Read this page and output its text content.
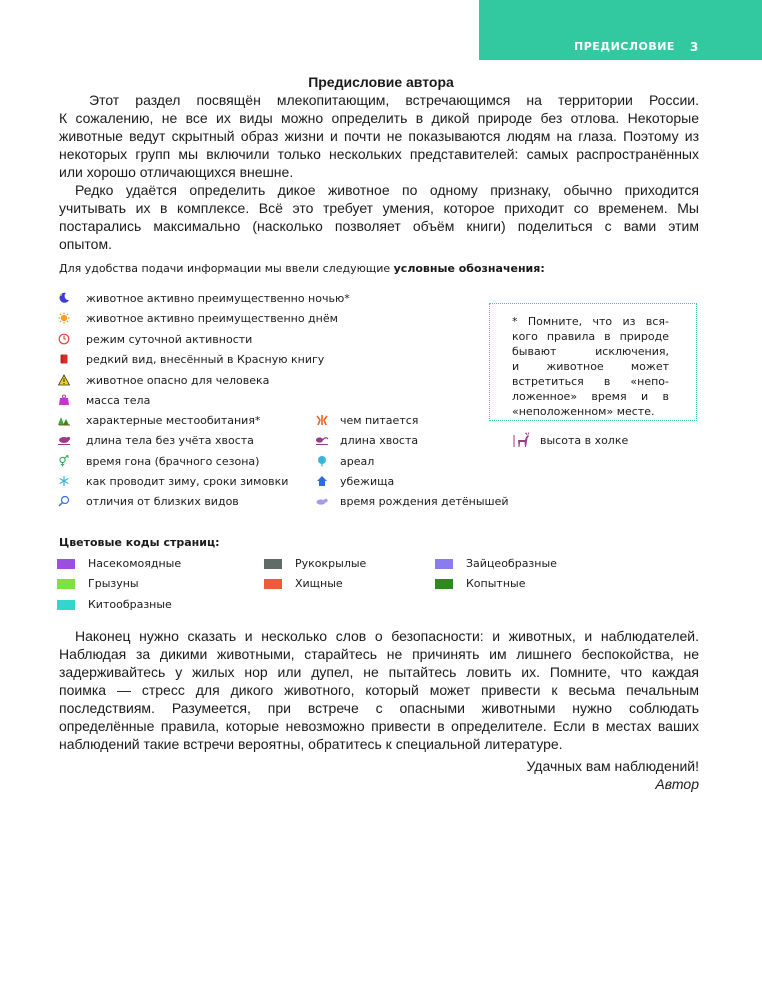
ПРЕДИСЛОВИЕ 3
Предисловие автора
Этот раздел посвящён млекопитающим, встречающимся на территории России.
К сожалению, не все их виды можно определить в дикой природе без отлова. Некоторые
животные ведут скрытный образ жизни и почти не показываются людям на глаза. Поэтому из
некоторых групп мы включили только нескольких представителей: самых распространённых
или хорошо отличающихся внешне.
Редко удаётся определить дикое животное по одному признаку, обычно приходится
учитывать их в комплексе. Всё это требует умения, которое приходит со временем. Мы
постарались максимально (насколько позволяет объём книги) поделиться с вами этим
опытом.
Для удобства подачи информации мы ввели следующие условные обозначения:
животное активно преимущественно ночью*
животное активно преимущественно днём
режим суточной активности
редкий вид, внесённый в Красную книгу
животное опасно для человека
масса тела
характерные местообитания*
длина тела без учёта хвоста
время гона (брачного сезона)
как проводит зиму, сроки зимовки
отличия от близких видов
чем питается
длина хвоста
ареал
убежища
время рождения детёнышей
высота в холке
* Помните, что из вся-
кого правила в природе
бывают исключения,
и животное может
встретиться в «непо-
ложенное» время и в
«неположенном» месте.
Цветовые коды страниц:
Насекомоядные
Грызуны
Китообразные
Рукокрылые
Хищные
Зайцеобразные
Копытные
Наконец нужно сказать и несколько слов о безопасности: и животных, и наблюдателей.
Наблюдая за дикими животными, старайтесь не причинять им лишнего беспокойства, не
задерживайтесь у жилых нор или дупел, не пытайтесь ловить их. Помните, что каждая
поимка — стресс для дикого животного, который может привести к весьма печальным
последствиям. Разумеется, при встрече с опасными животными нужно соблюдать
определённые правила, которые невозможно привести в определителе. Если в местах ваших
наблюдений такие встречи вероятны, обратитесь к специальной литературе.
Удачных вам наблюдений!
Автор
